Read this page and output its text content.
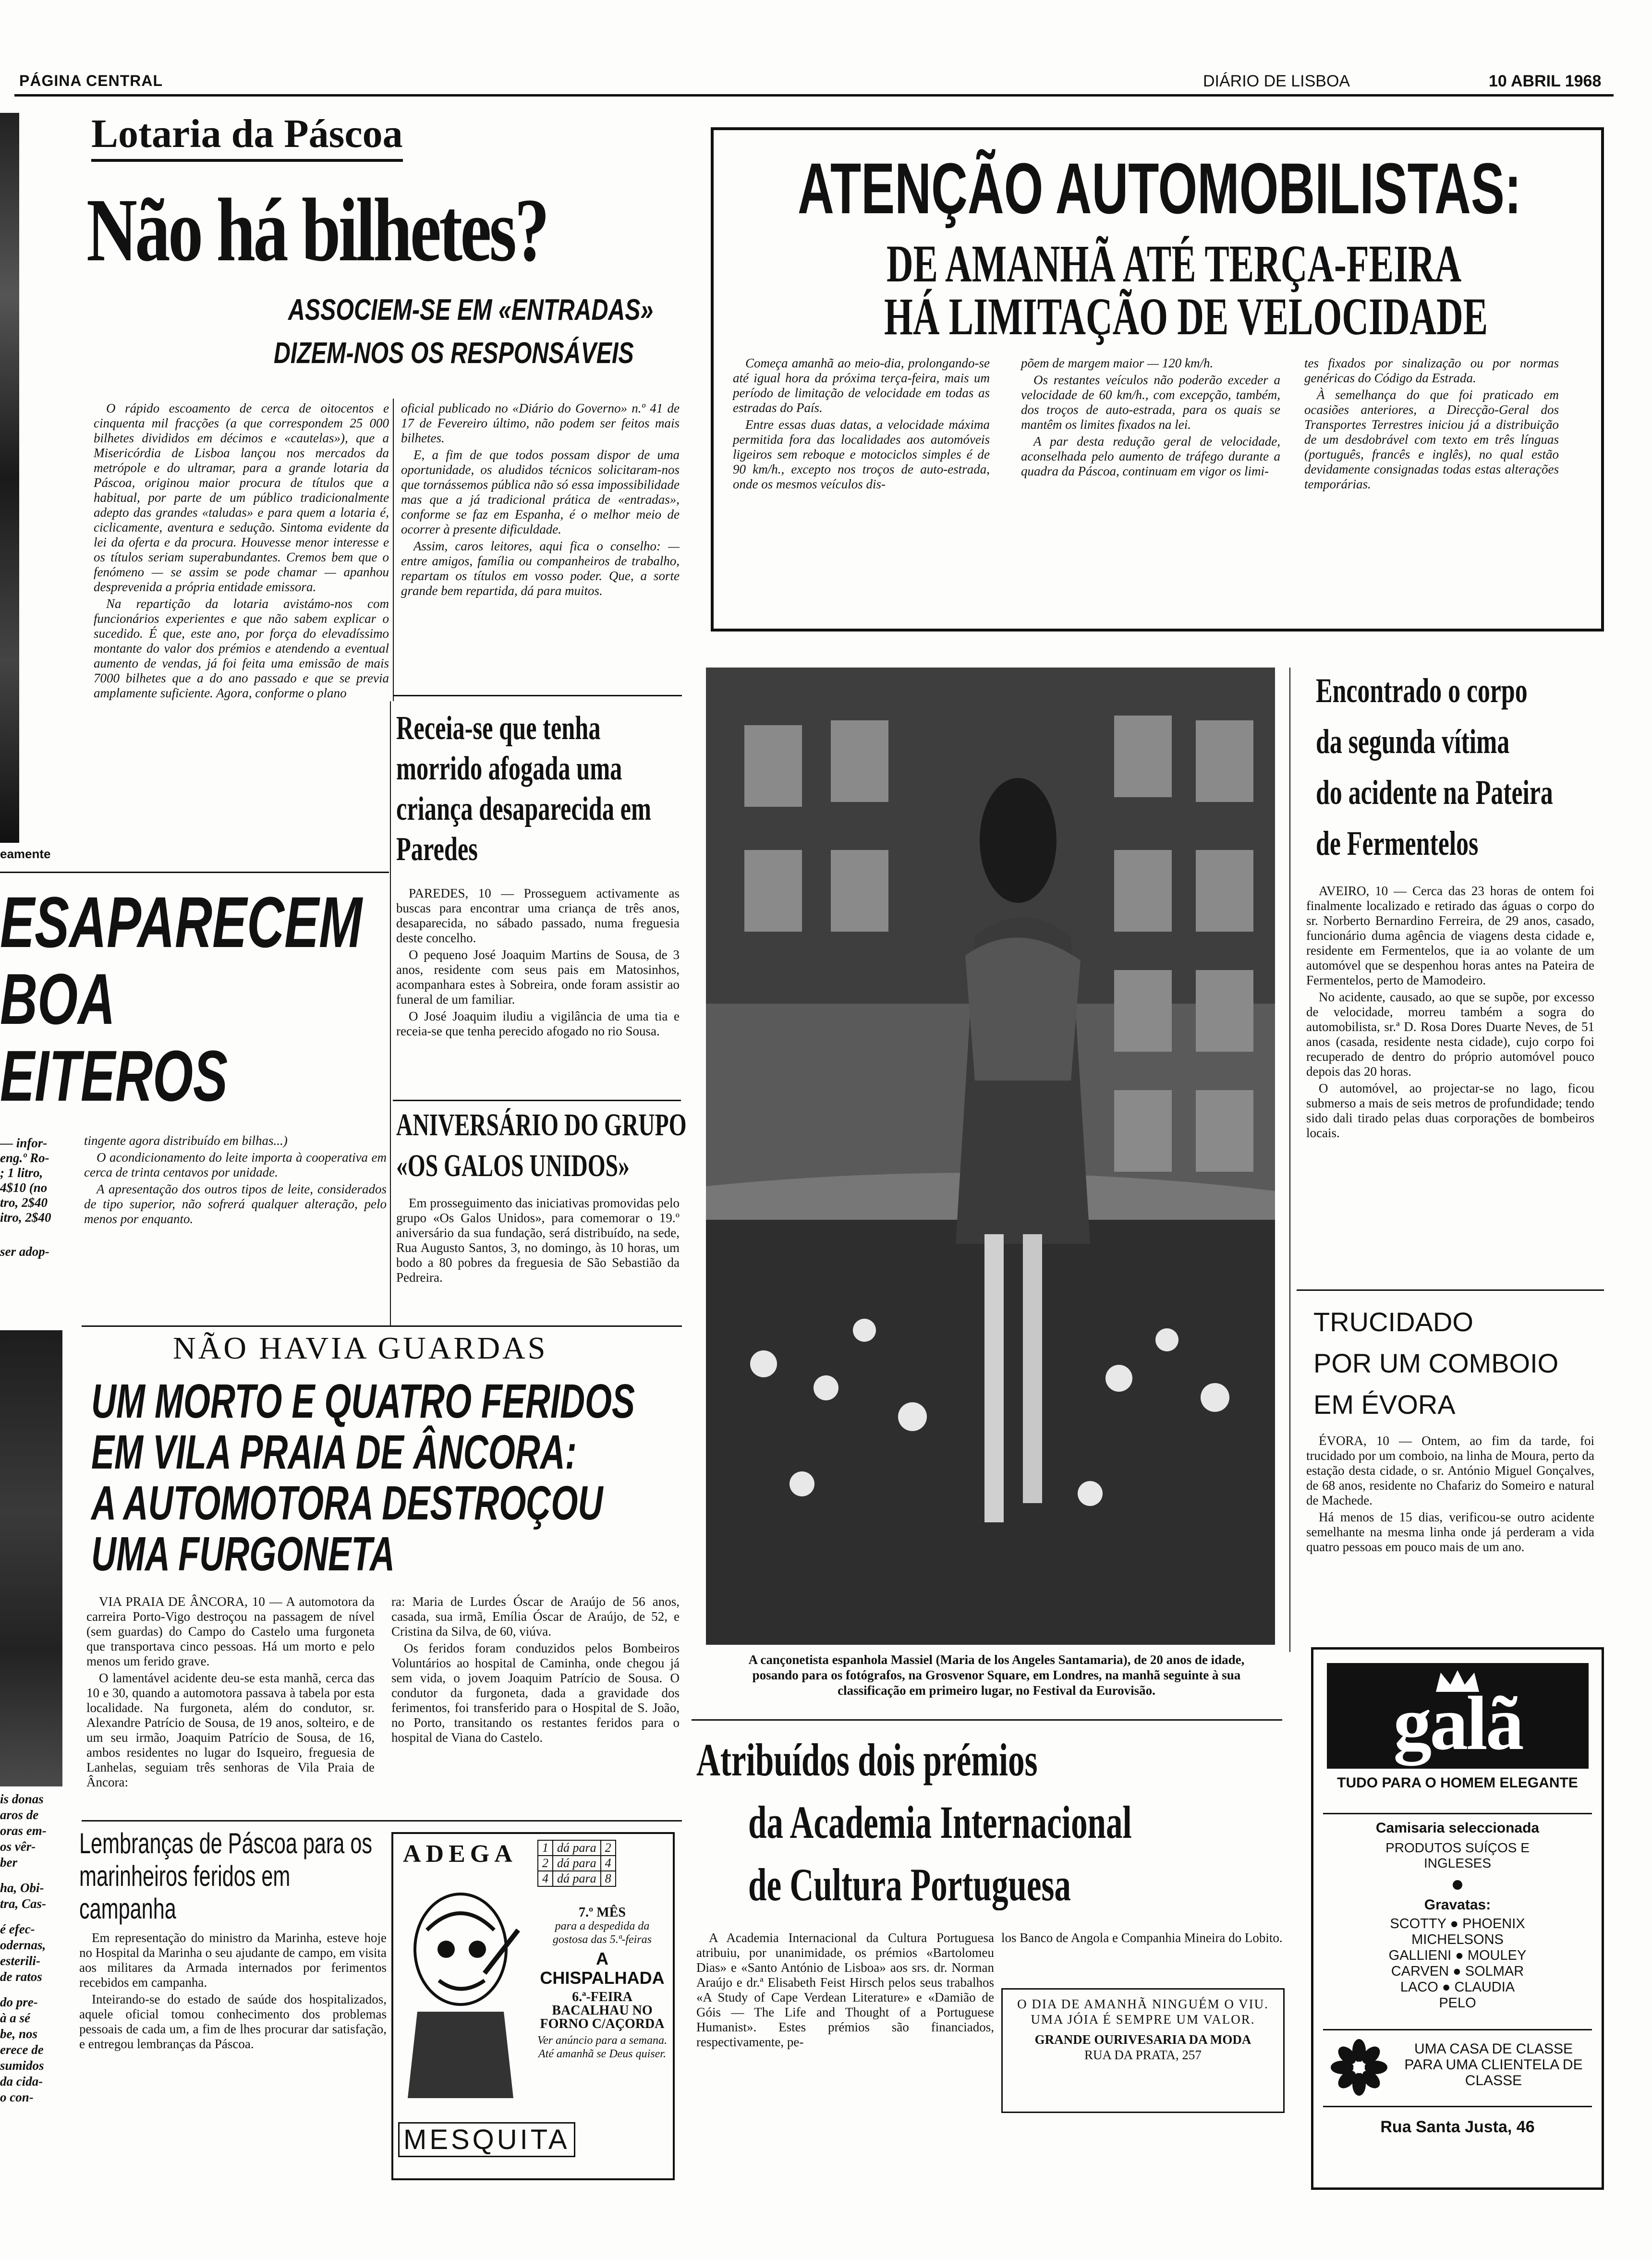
PÁGINA CENTRAL	DIÁRIO DE LISBOA	10 ABRIL 1968
Lotaria da Páscoa
Não há bilhetes?
ASSOCIEM-SE EM «ENTRADAS»
DIZEM-NOS OS RESPONSÁVEIS

O rápido escoamento de cerca de oitocentos e cinquenta mil fracções (a que correspondem 25 000 bilhetes divididos em décimos e «cautelas»), que a Misericórdia de Lisboa lançou nos mercados da metrópole e do ultramar, para a grande lotaria da Páscoa, originou maior procura de títulos que a habitual, por parte de um público tradicionalmente adepto das grandes «taludas» e para quem a lotaria é, ciclicamente, aventura e sedução. Sintoma evidente da lei da oferta e da procura. Houvesse menor interesse e os títulos seriam superabundantes. Cremos bem que o fenómeno — se assim se pode chamar — apanhou desprevenida a própria entidade emissora.

Na repartição da lotaria avistámo-nos com funcionários experientes e que não sabem explicar o sucedido. É que, este ano, por força do elevadíssimo montante do valor dos prémios e atendendo a eventual aumento de vendas, já foi feita uma emissão de mais 7000 bilhetes que a do ano passado e que se previa amplamente suficiente. Agora, conforme o plano

oficial publicado no «Diário do Governo» n.º 41 de 17 de Fevereiro último, não podem ser feitos mais bilhetes.

E, a fim de que todos possam dispor de uma oportunidade, os aludidos técnicos solicitaram-nos que tornássemos pública não só essa impossibilidade mas que a já tradicional prática de «entradas», conforme se faz em Espanha, é o melhor meio de ocorrer à presente dificuldade.

Assim, caros leitores, aqui fica o conselho: — entre amigos, família ou companheiros de trabalho, repartam os títulos em vosso poder. Que, a sorte grande bem repartida, dá para muitos.

eamente
ESAPARECEM
BOA
EITEROS
— infor-
eng.º Ro-
; 1 litro,
4$10 (no
tro, 2$40
itro, 2$40
ser adop-
is donas
aros de
oras em-
os vêr-
ber
ha, Obi-
tra, Cas-
é efec-
odernas,
esterili-
de ratos
do pre-
à a sé
be, nos
erece de
sumidos
da cida-
o con-

tingente agora distribuído em bilhas...)

O acondicionamento do leite importa à cooperativa em cerca de trinta centavos por unidade.

A apresentação dos outros tipos de leite, considerados de tipo superior, não sofrerá qualquer alteração, pelo menos por enquanto.

Receia-se que tenha morrido afogada uma criança desaparecida em Paredes

PAREDES, 10 — Prosseguem activamente as buscas para encontrar uma criança de três anos, desaparecida, no sábado passado, numa freguesia deste concelho.

O pequeno José Joaquim Martins de Sousa, de 3 anos, residente com seus pais em Matosinhos, acompanhara estes à Sobreira, onde foram assistir ao funeral de um familiar.

O José Joaquim iludiu a vigilância de uma tia e receia-se que tenha perecido afogado no rio Sousa.

ANIVERSÁRIO DO GRUPO
«OS GALOS UNIDOS»

Em prosseguimento das iniciativas promovidas pelo grupo «Os Galos Unidos», para comemorar o 19.º aniversário da sua fundação, será distribuído, na sede, Rua Augusto Santos, 3, no domingo, às 10 horas, um bodo a 80 pobres da freguesia de São Sebastião da Pedreira.

NÃO HAVIA GUARDAS
UM MORTO E QUATRO FERIDOS
EM VILA PRAIA DE ÂNCORA:
A AUTOMOTORA DESTROÇOU
UMA FURGONETA

VIA PRAIA DE ÂNCORA, 10 — A automotora da carreira Porto-Vigo destroçou na passagem de nível (sem guardas) do Campo do Castelo uma furgoneta que transportava cinco pessoas. Há um morto e pelo menos um ferido grave.

O lamentável acidente deu-se esta manhã, cerca das 10 e 30, quando a automotora passava à tabela por esta localidade. Na furgoneta, além do condutor, sr. Alexandre Patrício de Sousa, de 19 anos, solteiro, e de um seu irmão, Joaquim Patrício de Sousa, de 16, ambos residentes no lugar do Isqueiro, freguesia de Lanhelas, seguiam três senhoras de Vila Praia de Âncora:

ra: Maria de Lurdes Óscar de Araújo de 56 anos, casada, sua irmã, Emília Óscar de Araújo, de 52, e Cristina da Silva, de 60, viúva.

Os feridos foram conduzidos pelos Bombeiros Voluntários ao hospital de Caminha, onde chegou já sem vida, o jovem Joaquim Patrício de Sousa. O condutor da furgoneta, dada a gravidade dos ferimentos, foi transferido para o Hospital de S. João, no Porto, transitando os restantes feridos para o hospital de Viana do Castelo.

Lembranças de Páscoa para os marinheiros feridos em campanha

Em representação do ministro da Marinha, esteve hoje no Hospital da Marinha o seu ajudante de campo, em visita aos militares da Armada internados por ferimentos recebidos em campanha.

Inteirando-se do estado de saúde dos hospitalizados, aquele oficial tomou conhecimento dos problemas pessoais de cada um, a fim de lhes procurar dar satisfação, e entregou lembranças da Páscoa.

ADEGA 1	dá para	2
2	dá para	4
4	dá para	8
7.º MÊS
para a despedida da gostosa das 5.ª-feiras
A CHISPALHADA
6.ª-FEIRA
BACALHAU NO FORNO C/AÇORDA
Ver anúncio para a semana.
Até amanhã se Deus quiser.
MESQUITA
ATENÇÃO AUTOMOBILISTAS:
DE AMANHÃ ATÉ TERÇA-FEIRA
HÁ LIMITAÇÃO DE VELOCIDADE

Começa amanhã ao meio-dia, prolongando-se até igual hora da próxima terça-feira, mais um período de limitação de velocidade em todas as estradas do País.

Entre essas duas datas, a velocidade máxima permitida fora das localidades aos automóveis ligeiros sem reboque e motociclos simples é de 90 km/h., excepto nos troços de auto-estrada, onde os mesmos veículos dis-

põem de margem maior — 120 km/h.

Os restantes veículos não poderão exceder a velocidade de 60 km/h., com excepção, também, dos troços de auto-estrada, para os quais se mantêm os limites fixados na lei.

A par desta redução geral de velocidade, aconselhada pelo aumento de tráfego durante a quadra da Páscoa, continuam em vigor os limi-

tes fixados por sinalização ou por normas genéricas do Código da Estrada.

À semelhança do que foi praticado em ocasiões anteriores, a Direcção-Geral dos Transportes Terrestres iniciou já a distribuição de um desdobrável com texto em três línguas (português, francês e inglês), no qual estão devidamente consignadas todas estas alterações temporárias.

A cançonetista espanhola Massiel (Maria de los Angeles Santamaria), de 20 anos de idade, posando para os fotógrafos, na Grosvenor Square, em Londres, na manhã seguinte à sua classificação em primeiro lugar, no Festival da Eurovisão.
Encontrado o corpo
da segunda vítima
do acidente na Pateira
de Fermentelos

AVEIRO, 10 — Cerca das 23 horas de ontem foi finalmente localizado e retirado das águas o corpo do sr. Norberto Bernardino Ferreira, de 29 anos, casado, funcionário duma agência de viagens desta cidade e, residente em Fermentelos, que ia ao volante de um automóvel que se despenhou horas antes na Pateira de Fermentelos, perto de Mamodeiro.

No acidente, causado, ao que se supõe, por excesso de velocidade, morreu também a sogra do automobilista, sr.ª D. Rosa Dores Duarte Neves, de 51 anos (casada, residente nesta cidade), cujo corpo foi recuperado de dentro do próprio automóvel pouco depois das 20 horas.

O automóvel, ao projectar-se no lago, ficou submerso a mais de seis metros de profundidade; tendo sido dali tirado pelas duas corporações de bombeiros locais.

TRUCIDADO
POR UM COMBOIO
EM ÉVORA

ÉVORA, 10 — Ontem, ao fim da tarde, foi trucidado por um comboio, na linha de Moura, perto da estação desta cidade, o sr. António Miguel Gonçalves, de 68 anos, residente no Chafariz do Someiro e natural de Machede.

Há menos de 15 dias, verificou-se outro acidente semelhante na mesma linha onde já perderam a vida quatro pessoas em pouco mais de um ano.

Atribuídos dois prémios
da Academia Internacional
de Cultura Portuguesa

A Academia Internacional da Cultura Portuguesa atribuiu, por unanimidade, os prémios «Bartolomeu Dias» e «Santo António de Lisboa» aos srs. dr. Norman Araújo e dr.ª Elisabeth Feist Hirsch pelos seus trabalhos «A Study of Cape Verdean Literature» e «Damião de Góis — The Life and Thought of a Portuguese Humanist». Estes prémios são financiados, respectivamente, pe-

los Banco de Angola e Companhia Mineira do Lobito.

O DIA DE AMANHÃ NINGUÉM O VIU.
UMA JÓIA É SEMPRE UM VALOR.
GRANDE OURIVESARIA DA MODA
RUA DA PRATA, 257
galã
TUDO PARA O HOMEM ELEGANTE
Camisaria seleccionada
PRODUTOS SUÍÇOS E INGLESES
Gravatas:
SCOTTY ● PHOENIX
MICHELSONS
GALLIENI ● MOULEY
CARVEN ● SOLMAR
LACO ● CLAUDIA
PELO
UMA CASA DE CLASSE PARA UMA CLIENTELA DE CLASSE
Rua Santa Justa, 46
